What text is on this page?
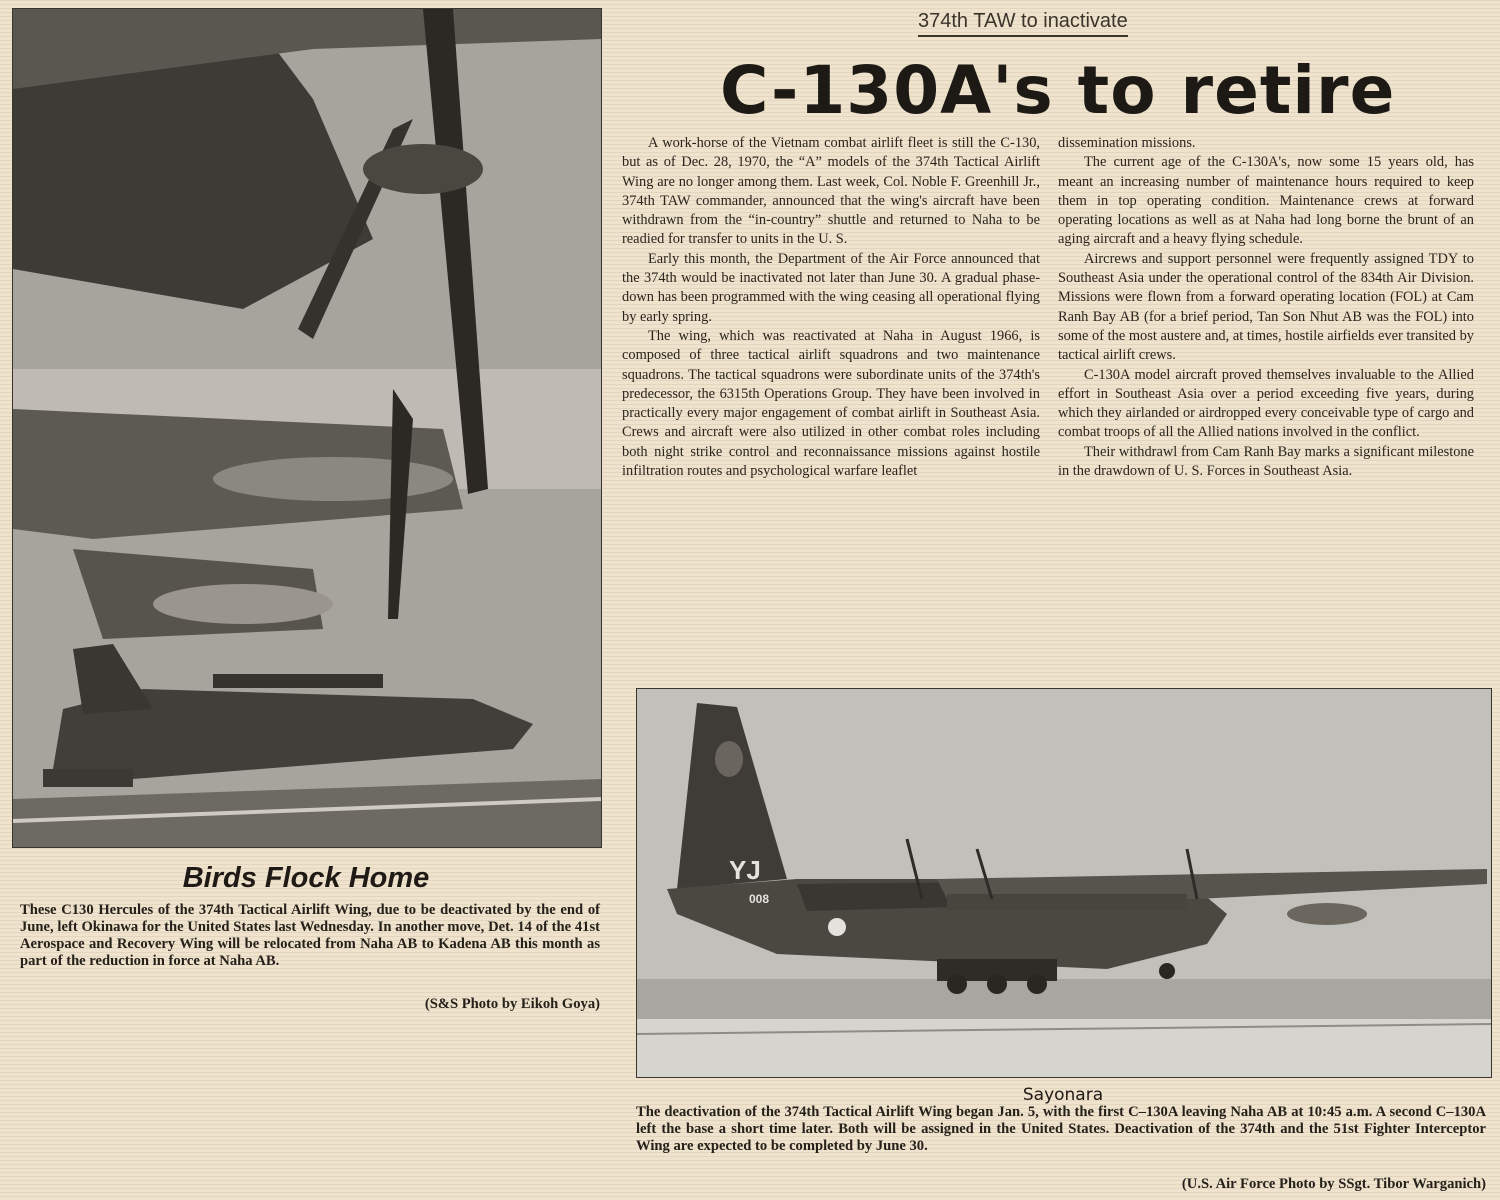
Birds Flock Home
These C130 Hercules of the 374th Tactical Airlift Wing, due to be deactivated by the end of June, left Okinawa for the United States last Wednesday. In another move, Det. 14 of the 41st Aerospace and Recovery Wing will be relocated from Naha AB to Kadena AB this month as part of the reduction in force at Naha AB.
(S&S Photo by Eikoh Goya)
374th TAW to inactivate
C-130A's to retire

A work-horse of the Vietnam combat airlift fleet is still the C-130, but as of Dec. 28, 1970, the “A” models of the 374th Tactical Airlift Wing are no longer among them. Last week, Col. Noble F. Greenhill Jr., 374th TAW commander, announced that the wing's aircraft have been withdrawn from the “in-country” shuttle and returned to Naha to be readied for transfer to units in the U. S.

Early this month, the Department of the Air Force announced that the 374th would be inactivated not later than June 30. A gradual phase-down has been programmed with the wing ceasing all operational flying by early spring.

The wing, which was reactivated at Naha in August 1966, is composed of three tactical airlift squadrons and two maintenance squadrons. The tactical squadrons were subordinate units of the 374th's predecessor, the 6315th Operations Group. They have been involved in practically every major engagement of combat airlift in Southeast Asia. Crews and aircraft were also utilized in other combat roles including both night strike control and reconnaissance missions against hostile infiltration routes and psychological warfare leaflet

dissemination missions.

The current age of the C-130A's, now some 15 years old, has meant an increasing number of maintenance hours required to keep them in top operating condition. Maintenance crews at forward operating locations as well as at Naha had long borne the brunt of an aging aircraft and a heavy flying schedule.

Aircrews and support personnel were frequently assigned TDY to Southeast Asia under the operational control of the 834th Air Division. Missions were flown from a forward operating location (FOL) at Cam Ranh Bay AB (for a brief period, Tan Son Nhut AB was the FOL) into some of the most austere and, at times, hostile airfields ever transited by tactical airlift crews.

C-130A model aircraft proved themselves invaluable to the Allied effort in Southeast Asia over a period exceeding five years, during which they airlanded or airdropped every conceivable type of cargo and combat troops of all the Allied nations involved in the conflict.

Their withdrawl from Cam Ranh Bay marks a significant milestone in the drawdown of U. S. Forces in Southeast Asia.

YJ
008
Sayonara
The deactivation of the 374th Tactical Airlift Wing began Jan. 5, with the first C–130A leaving Naha AB at 10:45 a.m. A second C–130A left the base a short time later. Both will be assigned in the United States. Deactivation of the 374th and the 51st Fighter Interceptor Wing are expected to be completed by June 30.
(U.S. Air Force Photo by SSgt. Tibor Warganich)
